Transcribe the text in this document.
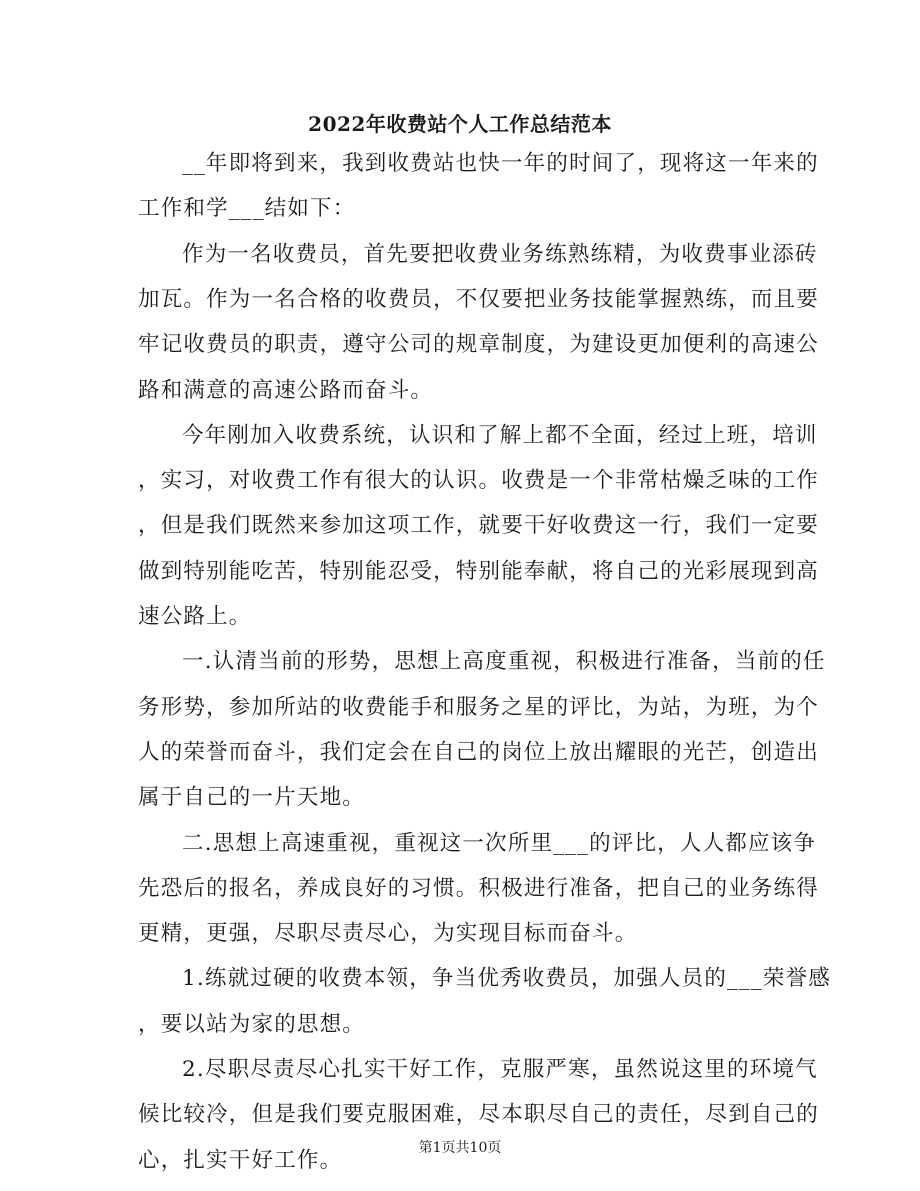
2022年收费站个人工作总结范本
__年即将到来，我到收费站也快一年的时间了，现将这一年来的
工作和学___结如下：
作为一名收费员，首先要把收费业务练熟练精，为收费事业添砖
加瓦。作为一名合格的收费员，不仅要把业务技能掌握熟练，而且要
牢记收费员的职责，遵守公司的规章制度，为建设更加便利的高速公
路和满意的高速公路而奋斗。
今年刚加入收费系统，认识和了解上都不全面，经过上班，培训
，实习，对收费工作有很大的认识。收费是一个非常枯燥乏味的工作
，但是我们既然来参加这项工作，就要干好收费这一行，我们一定要
做到特别能吃苦，特别能忍受，特别能奉献，将自己的光彩展现到高
速公路上。
一.认清当前的形势，思想上高度重视，积极进行准备，当前的任
务形势，参加所站的收费能手和服务之星的评比，为站，为班，为个
人的荣誉而奋斗，我们定会在自己的岗位上放出耀眼的光芒，创造出
属于自己的一片天地。
二.思想上高速重视，重视这一次所里___的评比，人人都应该争
先恐后的报名，养成良好的习惯。积极进行准备，把自己的业务练得
更精，更强，尽职尽责尽心，为实现目标而奋斗。
1.练就过硬的收费本领，争当优秀收费员，加强人员的___荣誉感
，要以站为家的思想。
2.尽职尽责尽心扎实干好工作，克服严寒，虽然说这里的环境气
候比较冷，但是我们要克服困难，尽本职尽自己的责任，尽到自己的
心，扎实干好工作。	第1页共10页
